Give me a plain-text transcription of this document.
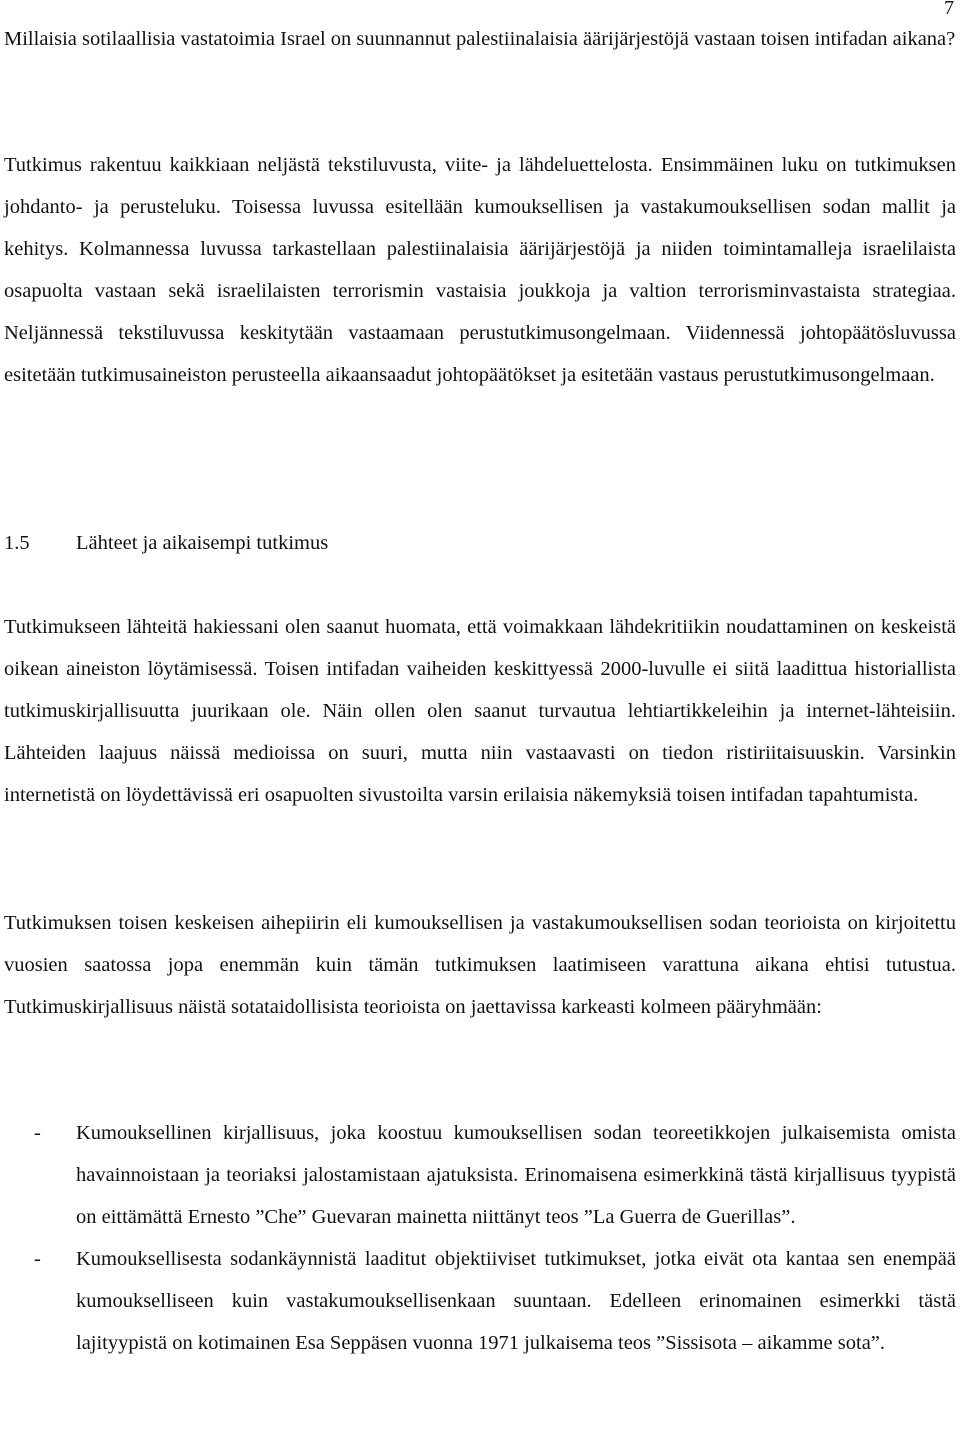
7

Millaisia sotilaallisia vastatoimia Israel on suunnannut palestiinalaisia äärijärjestöjä vastaan toisen intifadan aikana?

Tutkimus rakentuu kaikkiaan neljästä tekstiluvusta, viite- ja lähdeluettelosta. Ensimmäinen luku on tutkimuksen johdanto- ja perusteluku. Toisessa luvussa esitellään kumouksellisen ja vastakumouksellisen sodan mallit ja kehitys. Kolmannessa luvussa tarkastellaan palestiinalaisia äärijärjestöjä ja niiden toimintamalleja israelilaista osapuolta vastaan sekä israelilaisten terrorismin vastaisia joukkoja ja valtion terrorisminvastaista strategiaa. Neljännessä tekstiluvussa keskitytään vastaamaan perustutkimusongelmaan. Viidennessä johtopäätösluvussa esitetään tutkimusaineiston perusteella aikaansaadut johtopäätökset ja esitetään vastaus perustutkimusongelmaan.

1.5 Lähteet ja aikaisempi tutkimus

Tutkimukseen lähteitä hakiessani olen saanut huomata, että voimakkaan lähdekritiikin noudattaminen on keskeistä oikean aineiston löytämisessä. Toisen intifadan vaiheiden keskittyessä 2000-luvulle ei siitä laadittua historiallista tutkimuskirjallisuutta juurikaan ole. Näin ollen olen saanut turvautua lehtiartikkeleihin ja internet-lähteisiin. Lähteiden laajuus näissä medioissa on suuri, mutta niin vastaavasti on tiedon ristiriitaisuuskin. Varsinkin internetistä on löydettävissä eri osapuolten sivustoilta varsin erilaisia näkemyksiä toisen intifadan tapahtumista.

Tutkimuksen toisen keskeisen aihepiirin eli kumouksellisen ja vastakumouksellisen sodan teorioista on kirjoitettu vuosien saatossa jopa enemmän kuin tämän tutkimuksen laatimiseen varattuna aikana ehtisi tutustua. Tutkimuskirjallisuus näistä sotataidollisista teorioista on jaettavissa karkeasti kolmeen pääryhmään:

- Kumouksellinen kirjallisuus, joka koostuu kumouksellisen sodan teoreetikkojen julkaisemista omista havainnoistaan ja teoriaksi jalostamistaan ajatuksista. Erinomaisena esimerkkinä tästä kirjallisuus tyypistä on eittämättä Ernesto ”Che” Guevaran mainetta niittänyt teos ”La Guerra de Guerillas”.
- Kumouksellisesta sodankäynnistä laaditut objektiiviset tutkimukset, jotka eivät ota kantaa sen enempää kumoukselliseen kuin vastakumouksellisenkaan suuntaan. Edelleen erinomainen esimerkki tästä lajityypistä on kotimainen Esa Seppäsen vuonna 1971 julkaisema teos ”Sissisota – aikamme sota”.
